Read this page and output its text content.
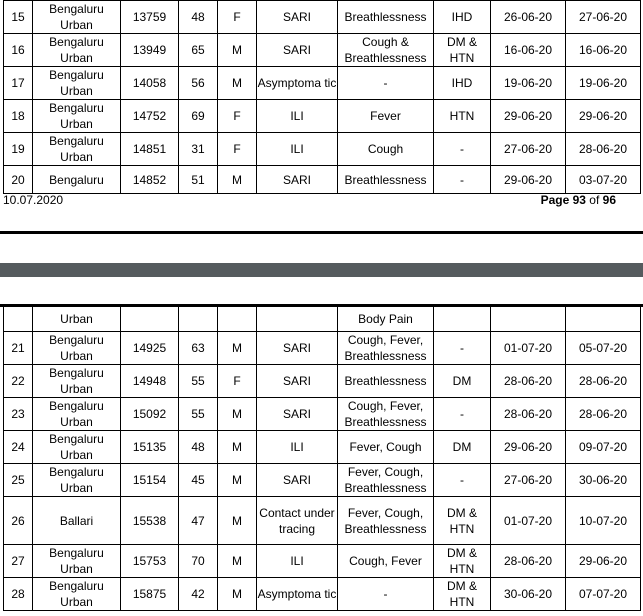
15	Bengaluru Urban	13759	48	F	SARI	Breathlessness	IHD	26-06-20	27-06-20
16	Bengaluru Urban	13949	65	M	SARI	Cough & Breathlessness	DM & HTN	16-06-20	16-06-20
17	Bengaluru Urban	14058	56	M	Asymptoma tic	-	IHD	19-06-20	19-06-20
18	Bengaluru Urban	14752	69	F	ILI	Fever	HTN	29-06-20	29-06-20
19	Bengaluru Urban	14851	31	F	ILI	Cough	-	27-06-20	28-06-20
20	Bengaluru	14852	51	M	SARI	Breathlessness	-	29-06-20	03-07-20
10.07.2020	Page 93 of 96
	Urban					Body Pain			
21	Bengaluru Urban	14925	63	M	SARI	Cough, Fever, Breathlessness	-	01-07-20	05-07-20
22	Bengaluru Urban	14948	55	F	SARI	Breathlessness	DM	28-06-20	28-06-20
23	Bengaluru Urban	15092	55	M	SARI	Cough, Fever, Breathlessness	-	28-06-20	28-06-20
24	Bengaluru Urban	15135	48	M	ILI	Fever, Cough	DM	29-06-20	09-07-20
25	Bengaluru Urban	15154	45	M	SARI	Fever, Cough, Breathlessness	-	27-06-20	30-06-20
26	Ballari	15538	47	M	Contact under tracing	Fever, Cough, Breathlessness	DM & HTN	01-07-20	10-07-20
27	Bengaluru Urban	15753	70	M	ILI	Cough, Fever	DM & HTN	28-06-20	29-06-20
28	Bengaluru Urban	15875	42	M	Asymptoma tic	-	DM & HTN	30-06-20	07-07-20
